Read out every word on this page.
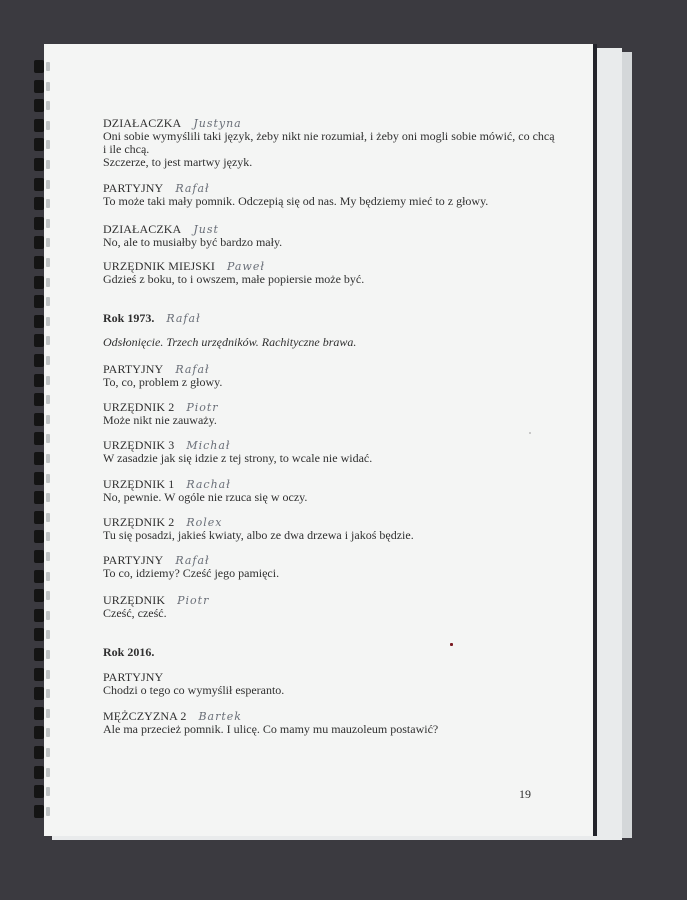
DZIAŁACZKA Justyna
Oni sobie wymyślili taki język, żeby nikt nie rozumiał, i żeby oni mogli sobie mówić, co chcą
i ile chcą.
Szczerze, to jest martwy język.
PARTYJNY Rafał
To może taki mały pomnik. Odczepią się od nas. My będziemy mieć to z głowy.
DZIAŁACZKA Just
No, ale to musiałby być bardzo mały.
URZĘDNIK MIEJSKI Paweł
Gdzieś z boku, to i owszem, małe popiersie może być.
Rok 1973. Rafał
Odsłonięcie. Trzech urzędników. Rachityczne brawa.
PARTYJNY Rafał
To, co, problem z głowy.
URZĘDNIK 2 Piotr
Może nikt nie zauważy.
URZĘDNIK 3 Michał
W zasadzie jak się idzie z tej strony, to wcale nie widać.
URZĘDNIK 1 Rachał
No, pewnie. W ogóle nie rzuca się w oczy.
URZĘDNIK 2 Rolex
Tu się posadzi, jakieś kwiaty, albo ze dwa drzewa i jakoś będzie.
PARTYJNY Rafał
To co, idziemy? Cześć jego pamięci.
URZĘDNIK Piotr
Cześć, cześć.
Rok 2016.
PARTYJNY
Chodzi o tego co wymyślił esperanto.
MĘŻCZYZNA 2 Bartek
Ale ma przecież pomnik. I ulicę. Co mamy mu mauzoleum postawić?
19
